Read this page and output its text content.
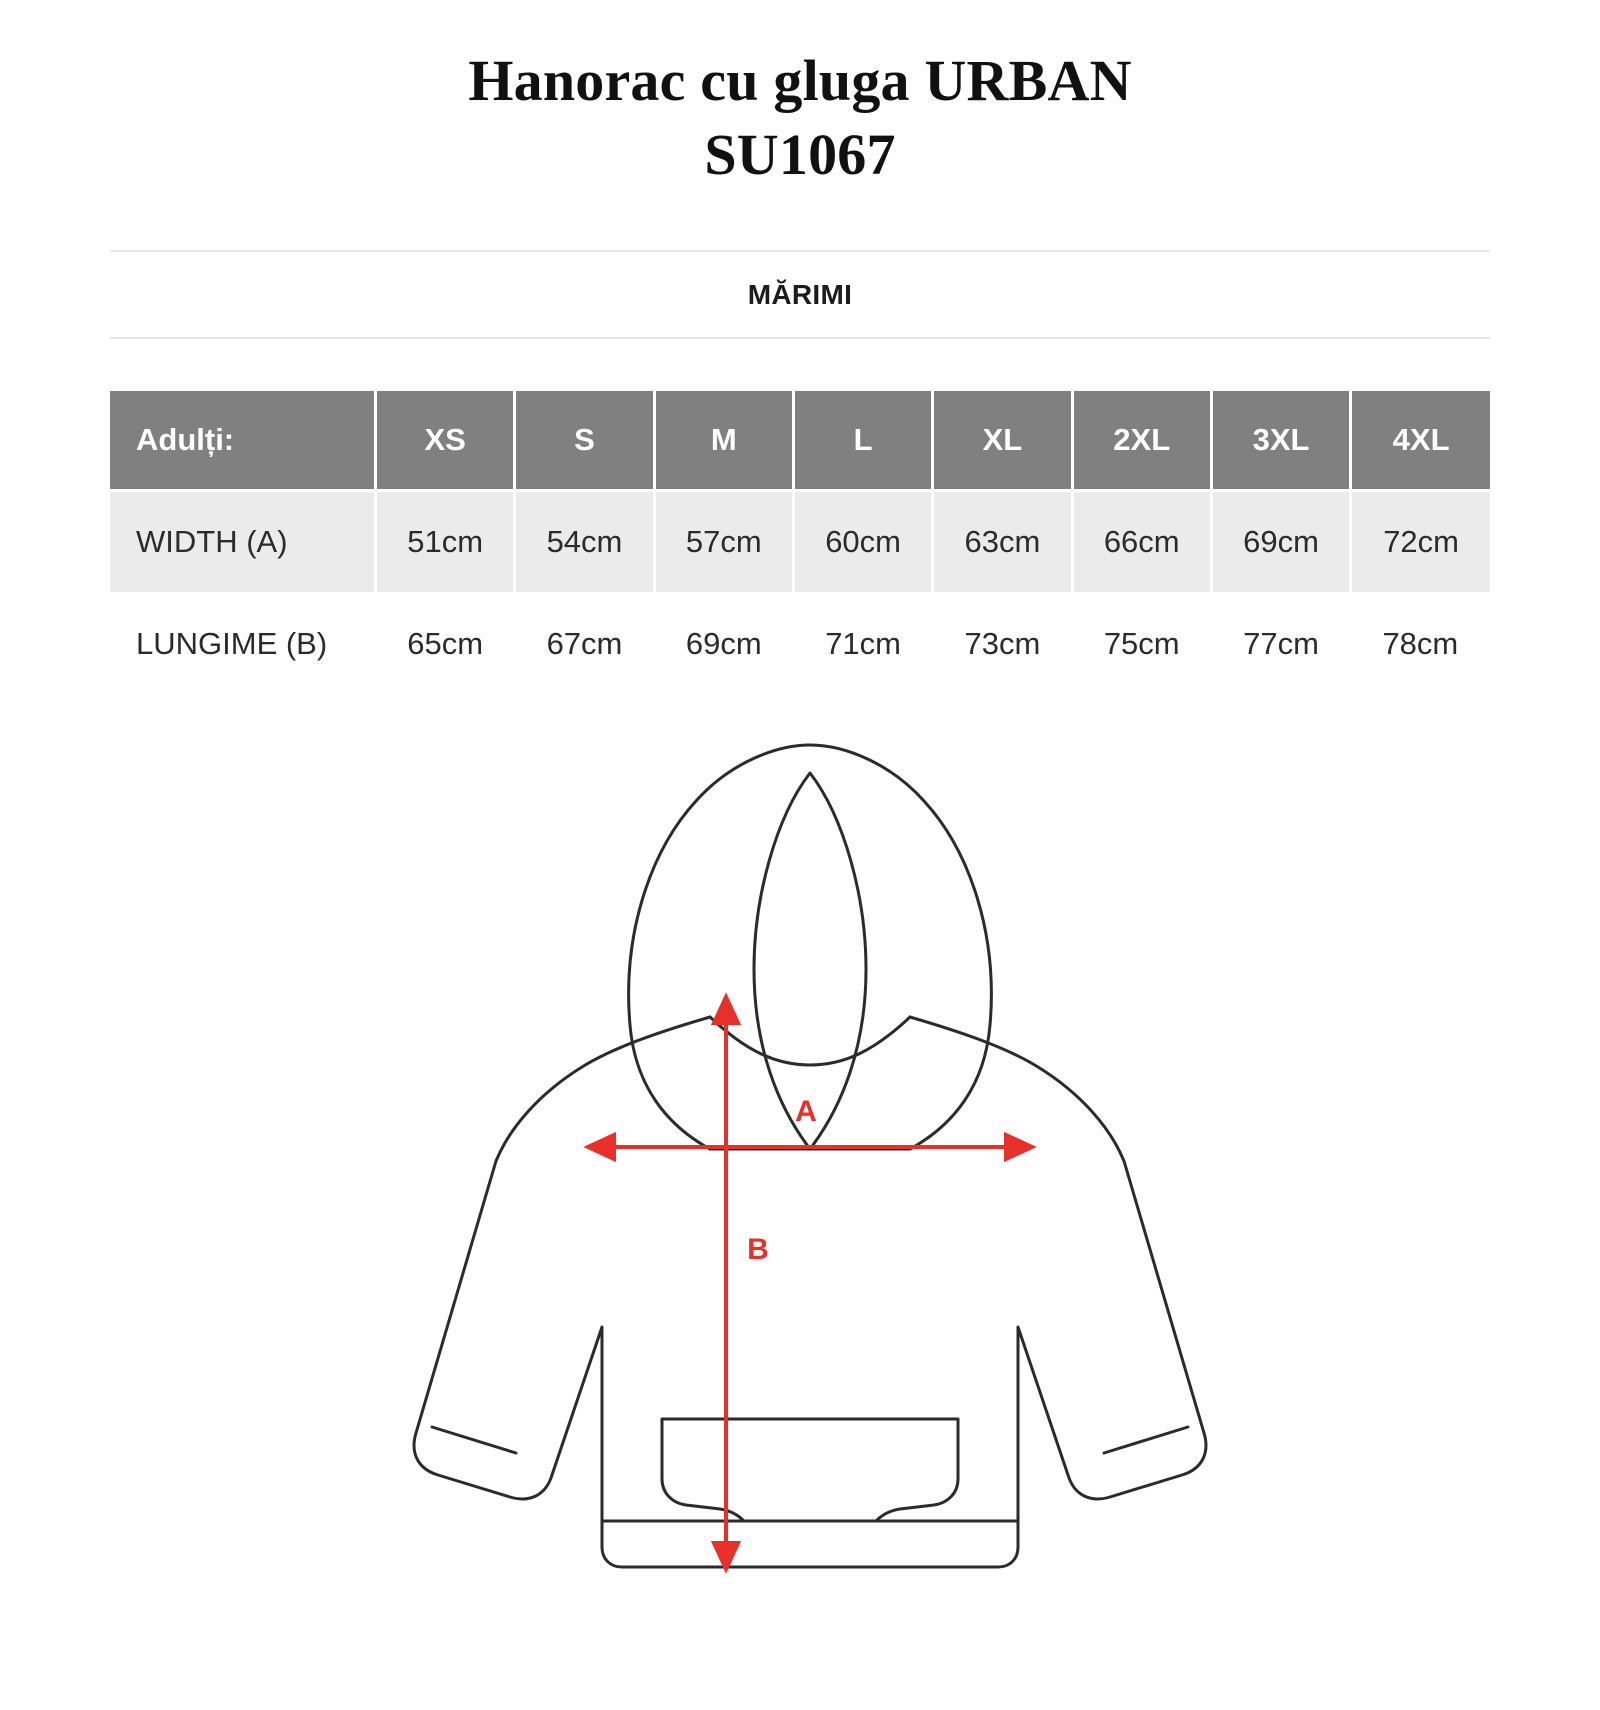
Hanorac cu gluga URBAN
SU1067
MĂRIMI
Adulți:	XS	S	M	L	XL	2XL	3XL	4XL
WIDTH (A)	51cm	54cm	57cm	60cm	63cm	66cm	69cm	72cm
LUNGIME (B)	65cm	67cm	69cm	71cm	73cm	75cm	77cm	78cm
A
B
